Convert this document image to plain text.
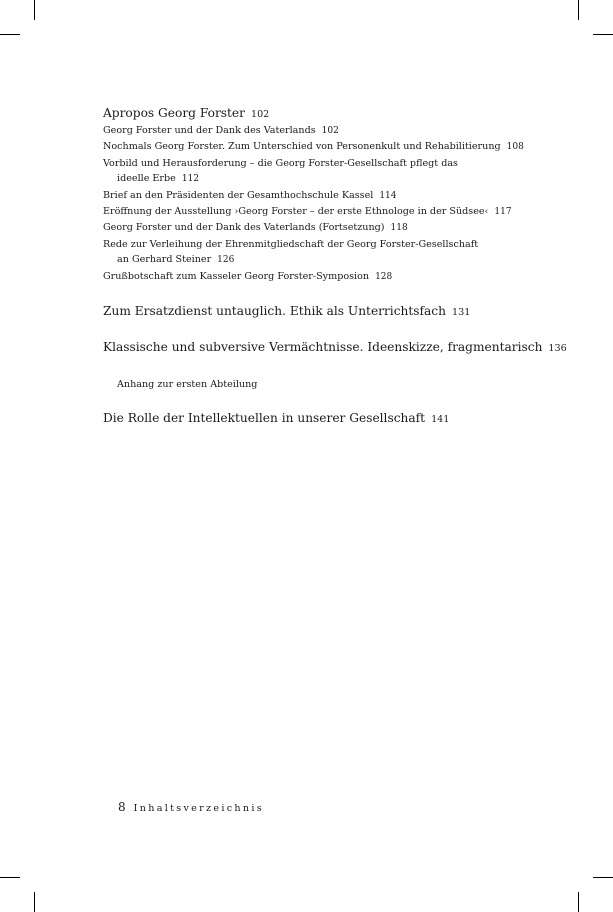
Apropos Georg Forster 102
Georg Forster und der Dank des Vaterlands 102
Nochmals Georg Forster. Zum Unterschied von Personenkult und Rehabilitierung 108
Vorbild und Herausforderung – die Georg Forster-Gesellschaft pflegt das
ideelle Erbe 112
Brief an den Präsidenten der Gesamthochschule Kassel 114
Eröffnung der Ausstellung ›Georg Forster – der erste Ethnologe in der Südsee‹ 117
Georg Forster und der Dank des Vaterlands (Fortsetzung) 118
Rede zur Verleihung der Ehrenmitgliedschaft der Georg Forster-Gesellschaft
an Gerhard Steiner 126
Grußbotschaft zum Kasseler Georg Forster-Symposion 128
Zum Ersatzdienst untauglich. Ethik als Unterrichtsfach 131
Klassische und subversive Vermächtnisse. Ideenskizze, fragmentarisch 136
Anhang zur ersten Abteilung
Die Rolle der Intellektuellen in unserer Gesellschaft 141
8 Inhaltsverzeichnis
